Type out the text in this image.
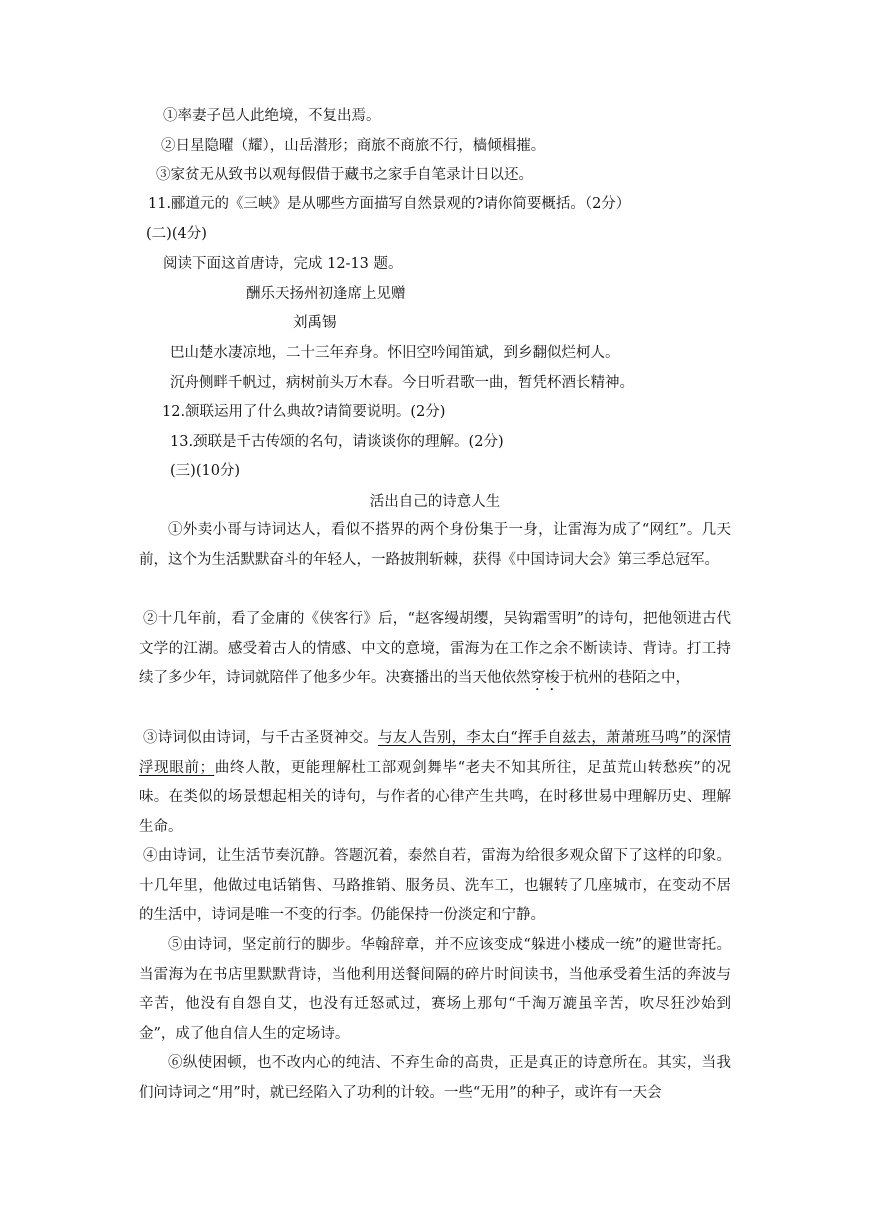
①率妻子邑人此绝境，不复出焉。
②日星隐曜（耀），山岳潜形；商旅不商旅不行，樯倾楫摧。
③家贫无从致书以观每假借于藏书之家手自笔录计日以还。
11.郦道元的《三峡》是从哪些方面描写自然景观的?请你简要概括。（2分）
(二)(4分)
阅读下面这首唐诗，完成 12-13 题。
酬乐天扬州初逢席上见赠
刘禹锡
巴山楚水凄凉地，二十三年弃身。怀旧空吟闻笛斌，到乡翻似烂柯人。
沉舟侧畔千帆过，病树前头万木春。今日听君歌一曲，暂凭杯酒长精神。
12.颔联运用了什么典故?请简要说明。(2分)
13.颈联是千古传颂的名句，请谈谈你的理解。(2分)
(三)(10分)
活出自己的诗意人生
①外卖小哥与诗词达人，看似不搭界的两个身份集于一身，让雷海为成了“网红”。几天前，这个为生活默默奋斗的年轻人，一路披荆斩棘，获得《中国诗词大会》第三季总冠军。
②十几年前，看了金庸的《侠客行》后，“赵客缦胡缨，吴钩霜雪明”的诗句，把他领进古代文学的江湖。感受着古人的情感、中文的意境，雷海为在工作之余不断读诗、背诗。打工持续了多少年，诗词就陪伴了他多少年。决赛播出的当天他依然穿梭于杭州的巷陌之中，
③诗词似由诗词，与千古圣贤神交。与友人告别，李太白“挥手自兹去，萧萧班马鸣”的深情浮现眼前；曲终人散，更能理解杜工部观剑舞毕“老夫不知其所往，足茧荒山转愁疾”的况味。在类似的场景想起相关的诗句，与作者的心律产生共鸣，在时移世易中理解历史、理解生命。
④由诗词，让生活节奏沉静。答题沉着，泰然自若，雷海为给很多观众留下了这样的印象。十几年里，他做过电话销售、马路推销、服务员、洗车工，也辗转了几座城市，在变动不居的生活中，诗词是唯一不变的行李。仍能保持一份淡定和宁静。
⑤由诗词，坚定前行的脚步。华翰辞章，并不应该变成“躲进小楼成一统”的避世寄托。当雷海为在书店里默默背诗，当他利用送餐间隔的碎片时间读书，当他承受着生活的奔波与辛苦，他没有自怨自艾，也没有迁怒贰过，赛场上那句“千淘万漉虽辛苦，吹尽狂沙始到金”，成了他自信人生的定场诗。
⑥纵使困顿，也不改内心的纯洁、不弃生命的高贵，正是真正的诗意所在。其实，当我们问诗词之“用”时，就已经陷入了功利的计较。一些“无用”的种子，或许有一天会
